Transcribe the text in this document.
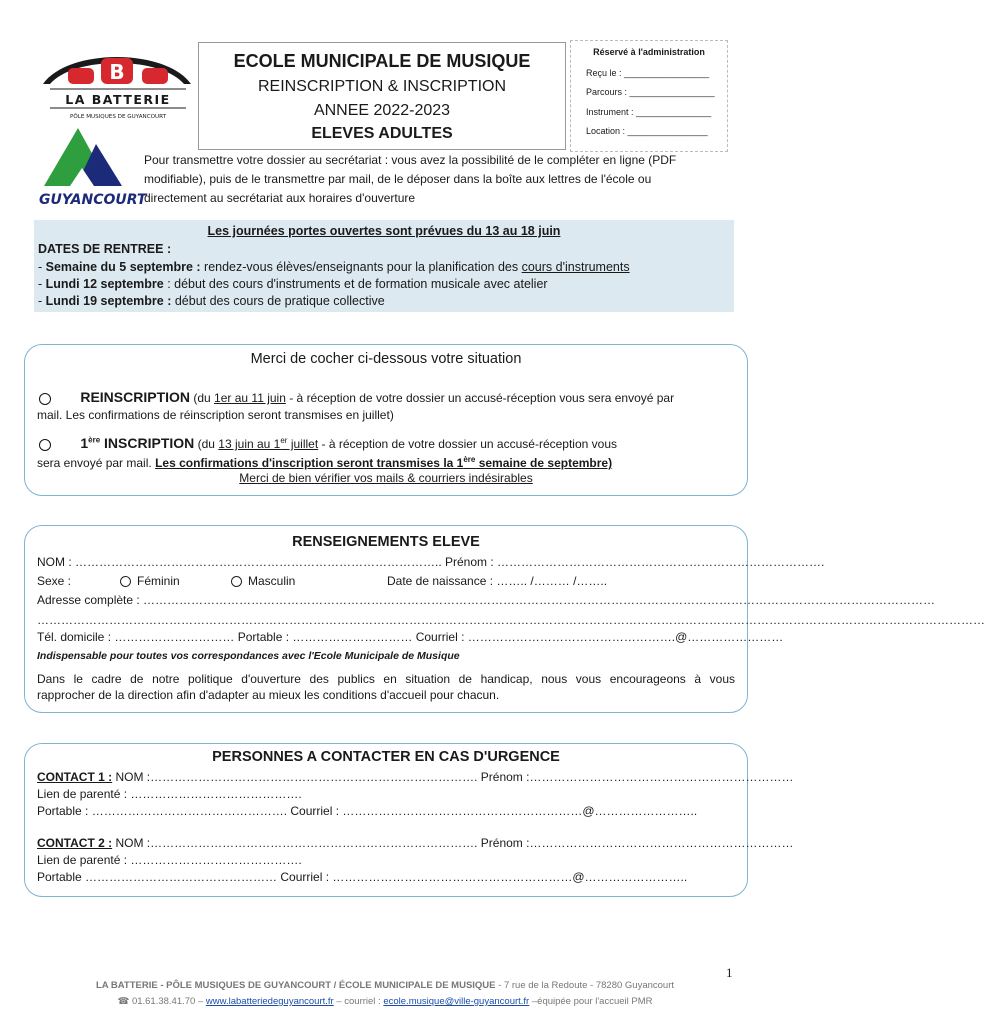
B
LA BATTERIE
PÔLE MUSIQUES DE GUYANCOURT
GUYANCOURT
ECOLE MUNICIPALE DE MUSIQUE
REINSCRIPTION & INSCRIPTION
ANNEE 2022-2023
ELEVES ADULTES
Réservé à l'administration
Reçu le : _________________
Parcours : _________________
Instrument : _______________
Location : ________________
Pour transmettre votre dossier au secrétariat : vous avez la possibilité de le compléter en ligne (PDF modifiable), puis de le transmettre par mail, de le déposer dans la boîte aux lettres de l'école ou directement au secrétariat aux horaires d'ouverture
Les journées portes ouvertes sont prévues du 13 au 18 juin
DATES DE RENTREE :
- Semaine du 5 septembre : rendez-vous élèves/enseignants pour la planification des cours d'instruments
- Lundi 12 septembre : début des cours d'instruments et de formation musicale avec atelier
- Lundi 19 septembre : début des cours de pratique collective
Merci de cocher ci-dessous votre situation
REINSCRIPTION (du 1er au 11 juin - à réception de votre dossier un accusé-réception vous sera envoyé par
mail. Les confirmations de réinscription seront transmises en juillet)
1ère INSCRIPTION (du 13 juin au 1er juillet - à réception de votre dossier un accusé-réception vous
sera envoyé par mail. Les confirmations d'inscription seront transmises la 1ère semaine de septembre)
Merci de bien vérifier vos mails & courriers indésirables
RENSEIGNEMENTS ELEVE
NOM : ……………………………………………………………………………….. Prénom : ……………………………………………………………………….
Sexe :	Féminin	Masculin	Date de naissance : …….. /……… /……..
Adresse complète : ………………………………………………………………………………………………………………………………………………………………………………
…………………………………………………………………………………………………………………………………………………………………………………………………………………
Tél. domicile : ………………………… Portable : ………………………… Courriel : …………………………………………….@……………………
Indispensable pour toutes vos correspondances avec l'Ecole Municipale de Musique
Dans le cadre de notre politique d'ouverture des publics en situation de handicap, nous vous encourageons à vous
rapprocher de la direction afin d'adapter au mieux les conditions d'accueil pour chacun.
PERSONNES A CONTACTER EN CAS D'URGENCE
CONTACT 1 : NOM :………………………………………………………………………. Prénom :…………………………………………………………
Lien de parenté : …………………………………….
Portable : …………………………………………. Courriel : ……………………………………………………@……………………..
CONTACT 2 : NOM :………………………………………………………………………. Prénom :…………………………………………………………
Lien de parenté : …………………………………….
Portable ………………………………………… Courriel : ……………………………………………………@……………………..
1
LA BATTERIE - PÔLE MUSIQUES DE GUYANCOURT / ÉCOLE MUNICIPALE DE MUSIQUE - 7 rue de la Redoute - 78280 Guyancourt
☎ 01.61.38.41.70 – www.labatteriedeguyancourt.fr – courriel : ecole.musique@ville-guyancourt.fr –équipée pour l'accueil PMR
